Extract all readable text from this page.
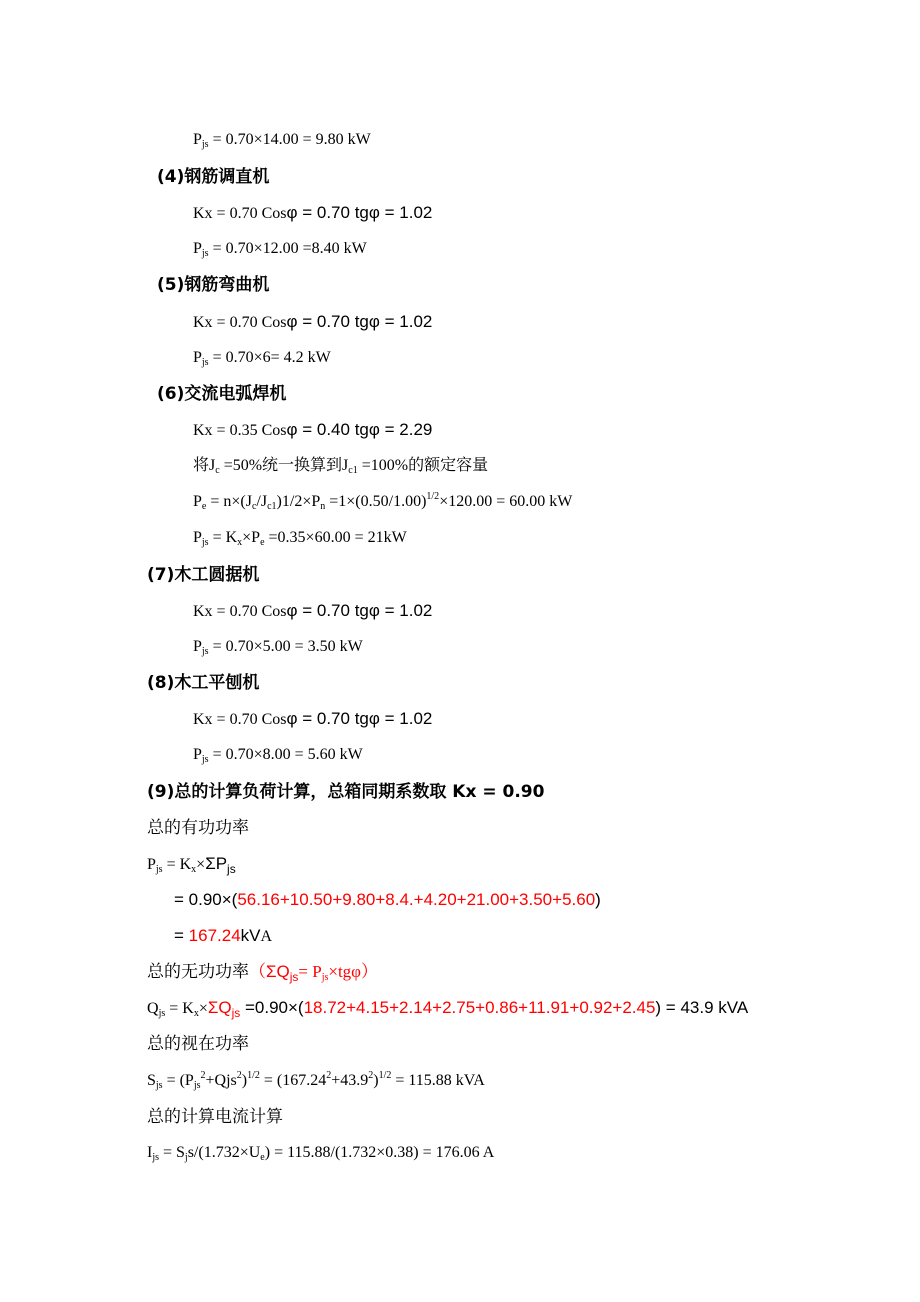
$P_{js} = 0.70\times 14.00 = 9.80$ kW
(4)钢筋调直机
Kx = 0.70 Cosφ = 0.70 tgφ = 1.02
$P_{js} = 0.70\times 12.00 =8.40$ kW
(5)钢筋弯曲机
Kx = 0.70 Cosφ = 0.70 tgφ = 1.02
$P_{js} = 0.70\times 6= 4.2$ kW
(6)交流电弧焊机
Kx = 0.35 Cosφ = 0.40 tgφ = 2.29
将$J_c =50\%$统一换算到$J_{c1} =100\%$的额定容量
$P_e = n\times(J_c/J_{c1})1/2\times P_n =1\times(0.50/1.00)^{1/2}\times 120.00 = 60.00$ kW
$P_{js} = K_x\times P_e =0.35\times 60.00 = 21kW$
(7)木工圆据机
Kx = 0.70 Cosφ = 0.70 tgφ = 1.02
$P_{js} = 0.70\times 5.00 = 3.50$ kW
(8)木工平刨机
Kx = 0.70 Cosφ = 0.70 tgφ = 1.02
$P_{js} = 0.70\times 8.00 = 5.60$ kW
(9)总的计算负荷计算，总箱同期系数取 Kx = 0.90
总的有功功率
$P_{js} = K_x\times\Sigma P_{js}$
= 0.90×(56.16+10.50+9.80+8.4.+4.20+21.00+3.50+5.60)
= 167.24kVA
总的无功功率$(\Sigma Q_{js}= P_{js}\times tg\varphi)$
$Q_{js} = K_x\times\Sigma Q_{js} =0.90\times(18.72+4.15+2.14+2.75+0.86+11.91+0.92+2.45) = 43.9$ kVA
总的视在功率
$S_{js} = (P_{js}^2+Qjs^2)^{1/2} = (167.24^2+43.9^2)^{1/2} = 115.88$ kVA
总的计算电流计算
$I_{js} = S_js/(1.732\times U_e) = 115.88/(1.732\times 0.38) = 176.06$ A
